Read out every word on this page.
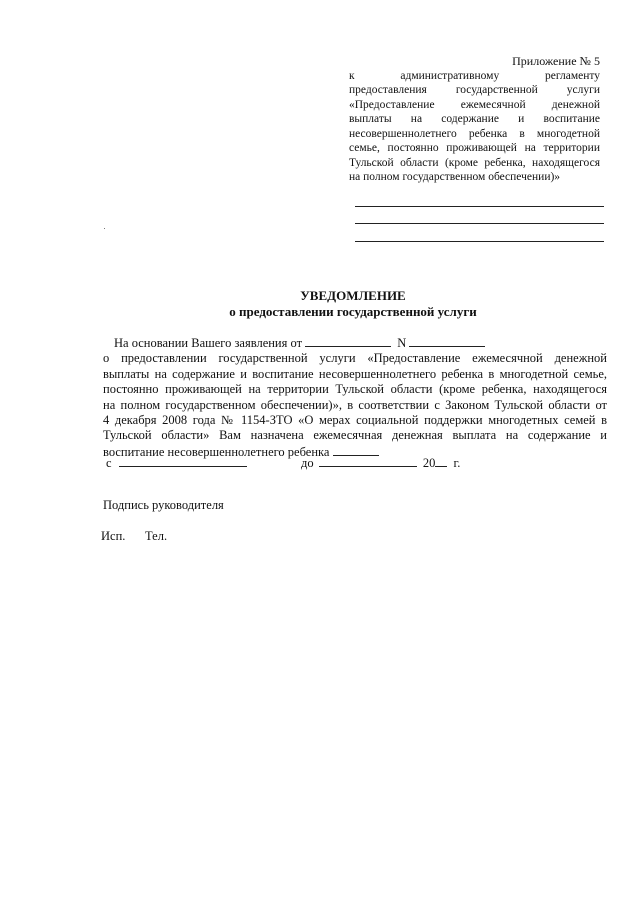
Приложение № 5
к административному регламенту
предоставления государственной услуги
«Предоставление ежемесячной денежной
выплаты на содержание и воспитание
несовершеннолетнего ребенка в многодетной
семье, постоянно проживающей на территории
Тульской области (кроме ребенка, находящегося
на полном государственном обеспечении)»
УВЕДОМЛЕНИЕ
о предоставлении государственной услуги
На основании Вашего заявления от	N
о предоставлении государственной услуги «Предоставление ежемесячной денежной
выплаты на содержание и воспитание несовершеннолетнего ребенка в многодетной семье,
постоянно проживающей на территории Тульской области (кроме ребенка, находящегося
на полном государственном обеспечении)», в соответствии с Законом Тульской области от
4 декабря 2008 года № 1154-ЗТО «О мерах социальной поддержки многодетных семей в
Тульской области» Вам назначена ежемесячная денежная выплата на содержание и
воспитание несовершеннолетнего ребенка
с	до	20 г.
Подпись руководителя
Исп. Тел.
